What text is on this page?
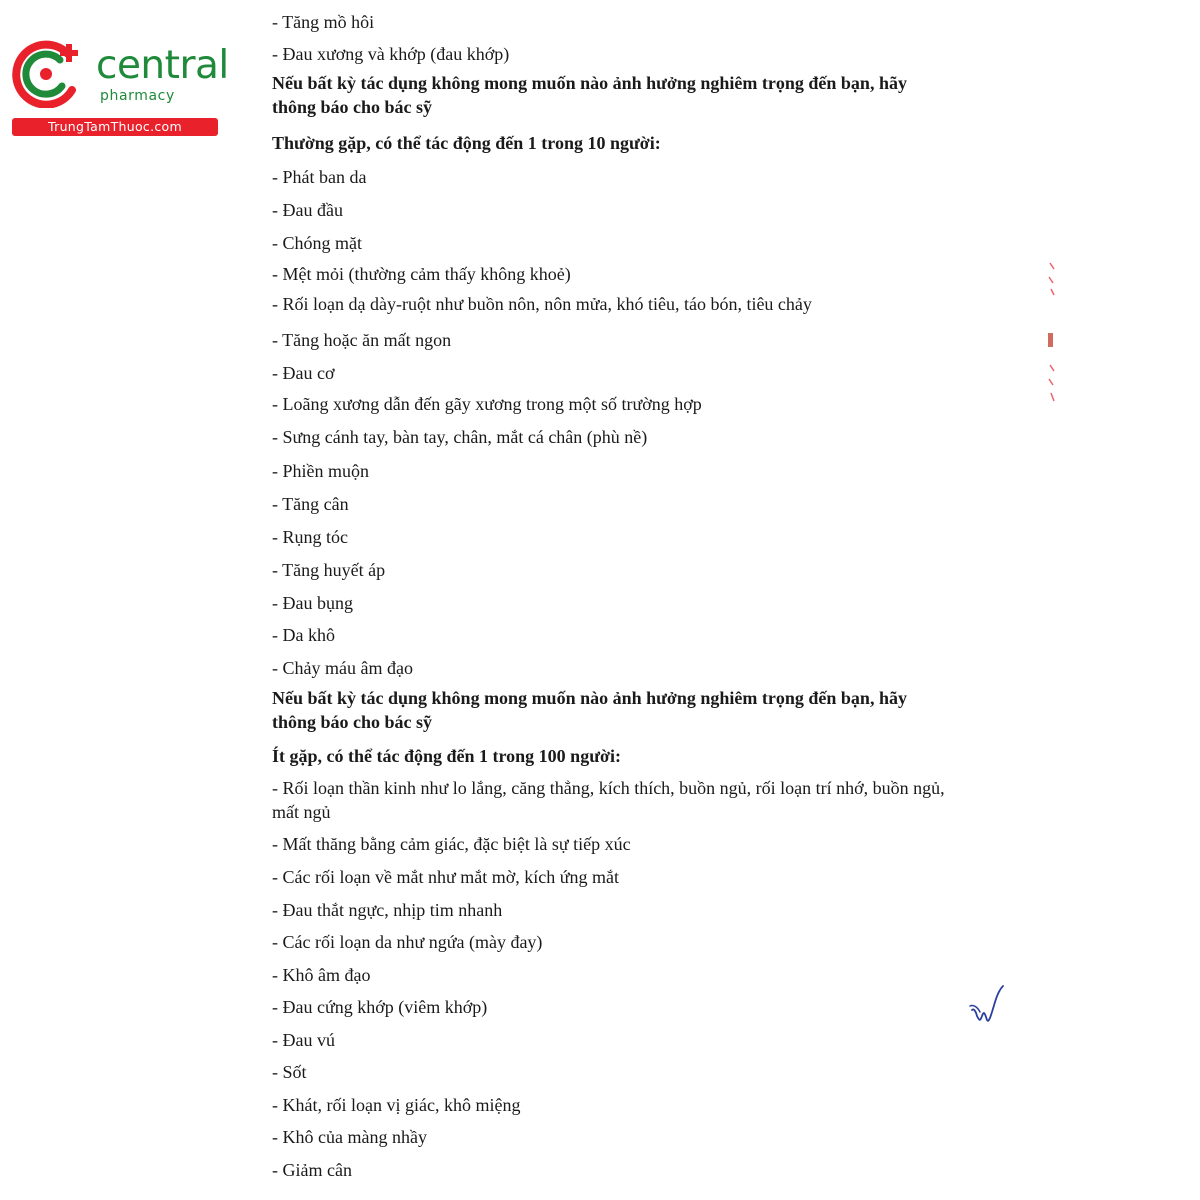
central
pharmacy
TrungTamThuoc.com
- Tăng mồ hôi
- Đau xương và khớp (đau khớp)
Nếu bất kỳ tác dụng không mong muốn nào ảnh hưởng nghiêm trọng đến bạn, hãy thông báo cho bác sỹ
Thường gặp, có thể tác động đến 1 trong 10 người:
- Phát ban da
- Đau đầu
- Chóng mặt
- Mệt mỏi (thường cảm thấy không khoẻ)
- Rối loạn dạ dày-ruột như buồn nôn, nôn mửa, khó tiêu, táo bón, tiêu chảy
- Tăng hoặc ăn mất ngon
- Đau cơ
- Loãng xương dẫn đến gãy xương trong một số trường hợp
- Sưng cánh tay, bàn tay, chân, mắt cá chân (phù nề)
- Phiền muộn
- Tăng cân
- Rụng tóc
- Tăng huyết áp
- Đau bụng
- Da khô
- Chảy máu âm đạo
Nếu bất kỳ tác dụng không mong muốn nào ảnh hưởng nghiêm trọng đến bạn, hãy thông báo cho bác sỹ
Ít gặp, có thể tác động đến 1 trong 100 người:
- Rối loạn thần kinh như lo lắng, căng thẳng, kích thích, buồn ngủ, rối loạn trí nhớ, buồn ngủ, mất ngủ
- Mất thăng bằng cảm giác, đặc biệt là sự tiếp xúc
- Các rối loạn về mắt như mắt mờ, kích ứng mắt
- Đau thắt ngực, nhịp tim nhanh
- Các rối loạn da như ngứa (mày đay)
- Khô âm đạo
- Đau cứng khớp (viêm khớp)
- Đau vú
- Sốt
- Khát, rối loạn vị giác, khô miệng
- Khô của màng nhầy
- Giảm cân
